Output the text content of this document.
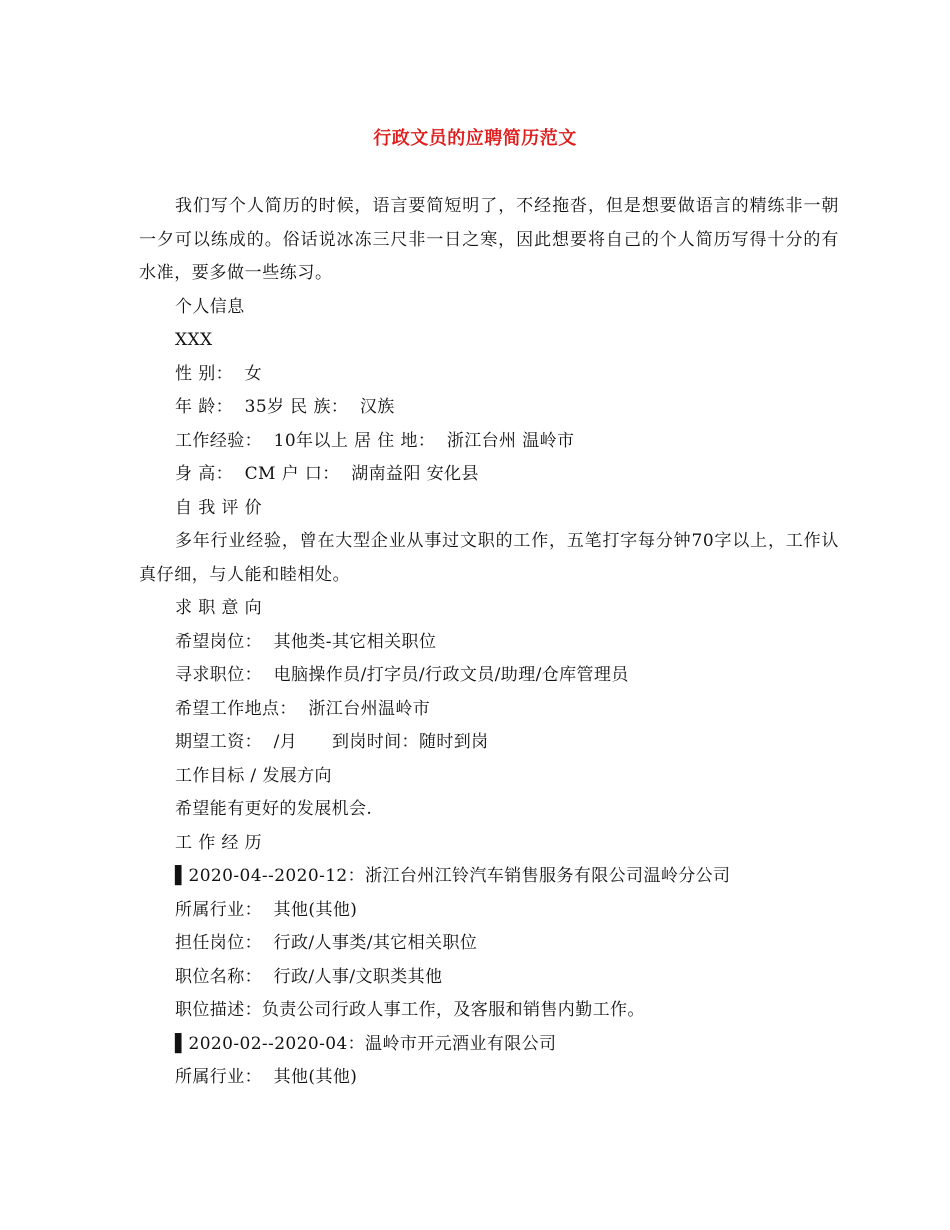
行政文员的应聘简历范文

我们写个人简历的时候，语言要简短明了，不经拖沓，但是想要做语言的精练非一朝一夕可以练成的。俗话说冰冻三尺非一日之寒，因此想要将自己的个人简历写得十分的有水准，要多做一些练习。

个人信息

XXX

性 别：  女

年 龄：  35岁 民 族：  汉族

工作经验：  10年以上 居 住 地：  浙江台州 温岭市

身 高：  CM 户 口：  湖南益阳 安化县

自 我 评 价

多年行业经验，曾在大型企业从事过文职的工作，五笔打字每分钟70字以上，工作认真仔细，与人能和睦相处。

求 职 意 向

希望岗位：  其他类-其它相关职位

寻求职位：  电脑操作员/打字员/行政文员/助理/仓库管理员

希望工作地点：  浙江台州温岭市

期望工资：  /月      到岗时间：随时到岗

工作目标 / 发展方向

希望能有更好的发展机会.

工 作 经 历

▌2020-04--2020-12：浙江台州江铃汽车销售服务有限公司温岭分公司

所属行业：  其他(其他)

担任岗位：  行政/人事类/其它相关职位

职位名称：  行政/人事/文职类其他

职位描述：负责公司行政人事工作，及客服和销售内勤工作。

▌2020-02--2020-04：温岭市开元酒业有限公司

所属行业：  其他(其他)
